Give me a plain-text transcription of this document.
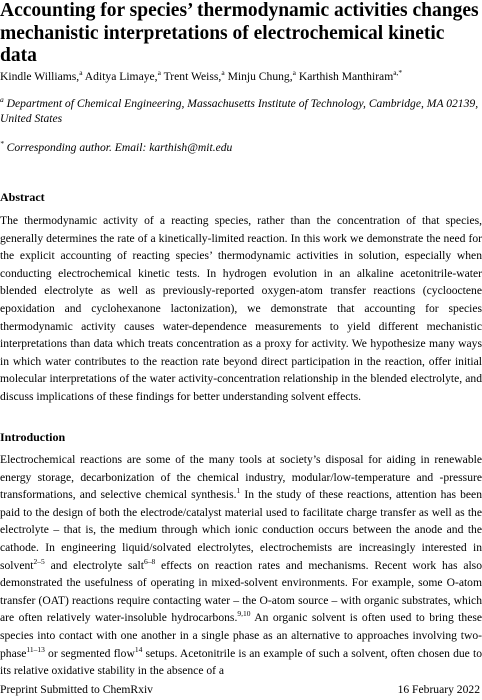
Accounting for species’ thermodynamic activities changes mechanistic interpretations of electrochemical kinetic data
Kindle Williams,$^a$ Aditya Limaye,$^a$ Trent Weiss,$^a$ Minju Chung,$^a$ Karthish Manthiram$^{a,*}$
$^a$ Department of Chemical Engineering, Massachusetts Institute of Technology, Cambridge, MA 02139, United States
* Corresponding author. Email: karthish@mit.edu
Abstract

The thermodynamic activity of a reacting species, rather than the concentration of that species, generally determines the rate of a kinetically-limited reaction. In this work we demonstrate the need for the explicit accounting of reacting species’ thermodynamic activities in solution, especially when conducting electrochemical kinetic tests. In hydrogen evolution in an alkaline acetonitrile-water blended electrolyte as well as previously-reported oxygen-atom transfer reactions (cyclooctene epoxidation and cyclohexanone lactonization), we demonstrate that accounting for species thermodynamic activity causes water-dependence measurements to yield different mechanistic interpretations than data which treats concentration as a proxy for activity. We hypothesize many ways in which water contributes to the reaction rate beyond direct participation in the reaction, offer initial molecular interpretations of the water activity-concentration relationship in the blended electrolyte, and discuss implications of these findings for better understanding solvent effects.

Introduction

Electrochemical reactions are some of the many tools at society’s disposal for aiding in renewable energy storage, decarbonization of the chemical industry, modular/low-temperature and -pressure transformations, and selective chemical synthesis.$^1$ In the study of these reactions, attention has been paid to the design of both the electrode/catalyst material used to facilitate charge transfer as well as the electrolyte – that is, the medium through which ionic conduction occurs between the anode and the cathode. In engineering liquid/solvated electrolytes, electrochemists are increasingly interested in solvent$^{2-5}$ and electrolyte salt$^{6-8}$ effects on reaction rates and mechanisms. Recent work has also demonstrated the usefulness of operating in mixed-solvent environments. For example, some O-atom transfer (OAT) reactions require contacting water – the O-atom source – with organic substrates, which are often relatively water-insoluble hydrocarbons.$^{9,10}$ An organic solvent is often used to bring these species into contact with one another in a single phase as an alternative to approaches involving two-phase$^{11-13}$ or segmented flow$^{14}$ setups. Acetonitrile is an example of such a solvent, often chosen due to its relative oxidative stability in the absence of a

Preprint Submitted to ChemRxiv	16 February 2022
